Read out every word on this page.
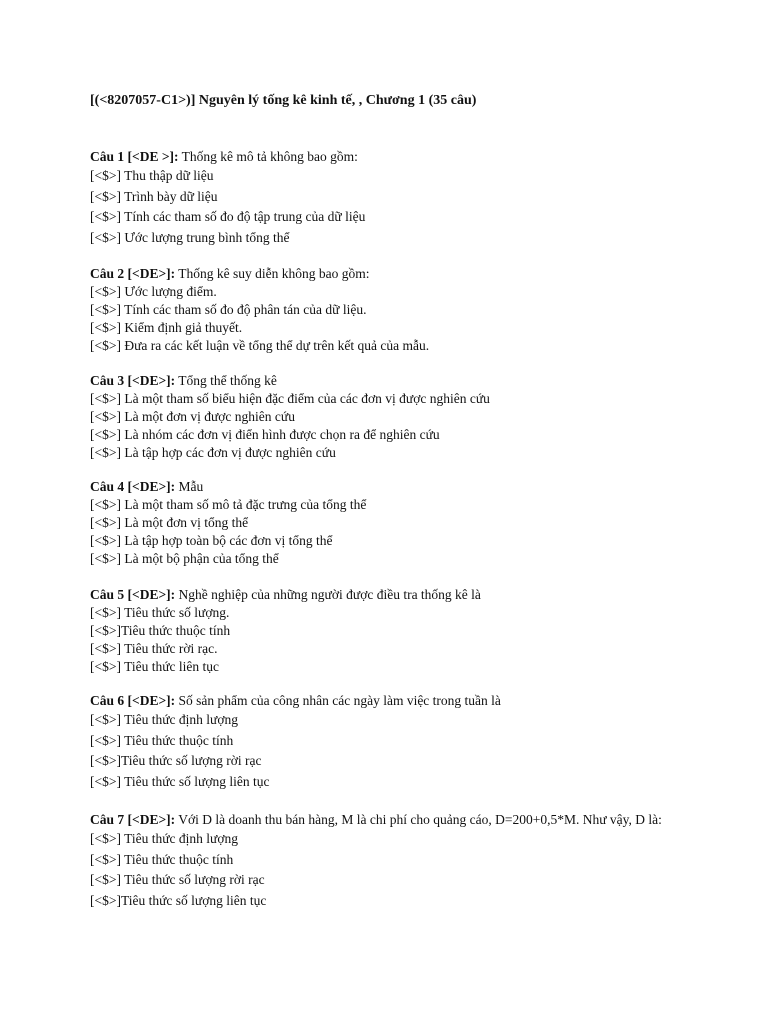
[(<8207057-C1>)] Nguyên lý tống kê kinh tế, , Chương 1 (35 câu)
Câu 1 [<DE >]: Thống kê mô tả không bao gồm:
[<$>] Thu thập dữ liệu
[<$>] Trình bày dữ liệu
[<$>] Tính các tham số đo độ tập trung của dữ liệu
[<$>] Ước lượng trung bình tổng thể
Câu 2 [<DE>]: Thống kê suy diễn không bao gồm:
[<$>] Ước lượng điểm.
[<$>] Tính các tham số đo độ phân tán của dữ liệu.
[<$>] Kiểm định giả thuyết.
[<$>] Đưa ra các kết luận về tổng thể dự trên kết quả của mẫu.
Câu 3 [<DE>]: Tổng thể thống kê
[<$>] Là một tham số biểu hiện đặc điểm của các đơn vị được nghiên cứu
[<$>] Là một đơn vị được nghiên cứu
[<$>] Là nhóm các đơn vị điển hình được chọn ra để nghiên cứu
[<$>] Là tập hợp các đơn vị được nghiên cứu
Câu 4 [<DE>]: Mẫu
[<$>] Là một tham số mô tả đặc trưng của tổng thể
[<$>] Là một đơn vị tổng thể
[<$>] Là tập hợp toàn bộ các đơn vị tổng thể
[<$>] Là một bộ phận của tổng thể
Câu 5 [<DE>]: Nghề nghiệp của những người được điều tra thống kê là
[<$>] Tiêu thức số lượng.
[<$>]Tiêu thức thuộc tính
[<$>] Tiêu thức rời rạc.
[<$>] Tiêu thức liên tục
Câu 6 [<DE>]: Số sản phẩm của công nhân các ngày làm việc trong tuần là
[<$>] Tiêu thức định lượng
[<$>] Tiêu thức thuộc tính
[<$>]Tiêu thức số lượng rời rạc
[<$>] Tiêu thức số lượng liên tục
Câu 7 [<DE>]: Với D là doanh thu bán hàng, M là chi phí cho quảng cáo, D=200+0,5*M. Như vậy, D là:
[<$>] Tiêu thức định lượng
[<$>] Tiêu thức thuộc tính
[<$>] Tiêu thức số lượng rời rạc
[<$>]Tiêu thức số lượng liên tục
